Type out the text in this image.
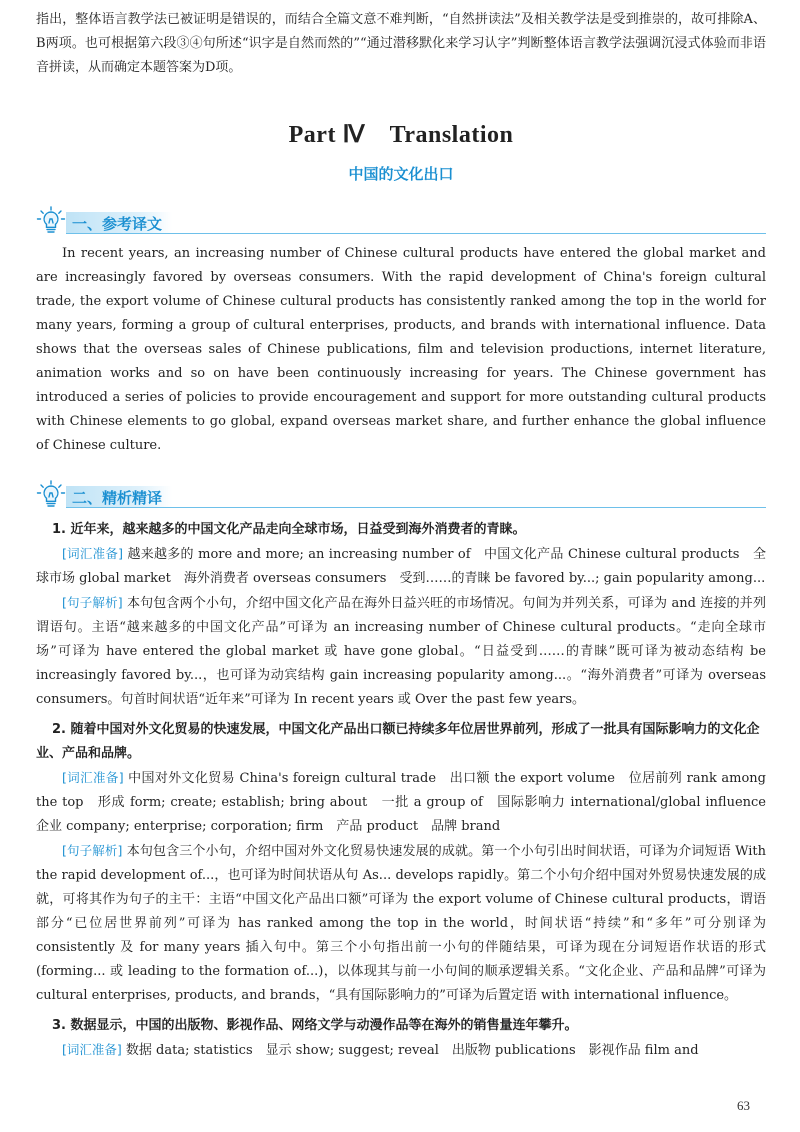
指出，整体语言教学法已被证明是错误的，而结合全篇文意不难判断，“自然拼读法”及相关教学法是受到推崇的，故可排除A、B两项。也可根据第六段③④句所述“识字是自然而然的”“通过潜移默化来学习认字”判断整体语言教学法强调沉浸式体验而非语音拼读，从而确定本题答案为D项。

Part Ⅳ　Translation
中国的文化出口
一、参考译文

In recent years, an increasing number of Chinese cultural products have entered the global market and are increasingly favored by overseas consumers. With the rapid development of China's foreign cultural trade, the export volume of Chinese cultural products has consistently ranked among the top in the world for many years, forming a group of cultural enterprises, products, and brands with international influence. Data shows that the overseas sales of Chinese publications, film and television productions, internet literature, animation works and so on have been continuously increasing for years. The Chinese government has introduced a series of policies to provide encouragement and support for more outstanding cultural products with Chinese elements to go global, expand overseas market share, and further enhance the global influence of Chinese culture.

二、精析精译

1. 近年来，越来越多的中国文化产品走向全球市场，日益受到海外消费者的青睐。

[词汇准备] 越来越多的 more and more; an increasing number of　中国文化产品 Chinese cultural products　全球市场 global market　海外消费者 overseas consumers　受到……的青睐 be favored by...; gain popularity among...

[句子解析] 本句包含两个小句，介绍中国文化产品在海外日益兴旺的市场情况。句间为并列关系，可译为 and 连接的并列谓语句。主语“越来越多的中国文化产品”可译为 an increasing number of Chinese cultural products。“走向全球市场”可译为 have entered the global market 或 have gone global。“日益受到……的青睐”既可译为被动态结构 be increasingly favored by...，也可译为动宾结构 gain increasing popularity among...。“海外消费者”可译为 overseas consumers。句首时间状语“近年来”可译为 In recent years 或 Over the past few years。

2. 随着中国对外文化贸易的快速发展，中国文化产品出口额已持续多年位居世界前列，形成了一批具有国际影响力的文化企业、产品和品牌。

[词汇准备] 中国对外文化贸易 China's foreign cultural trade　出口额 the export volume　位居前列 rank among the top　形成 form; create; establish; bring about　一批 a group of　国际影响力 international/global influence　企业 company; enterprise; corporation; firm　产品 product　品牌 brand

[句子解析] 本句包含三个小句，介绍中国对外文化贸易快速发展的成就。第一个小句引出时间状语，可译为介词短语 With the rapid development of...，也可译为时间状语从句 As... develops rapidly。第二个小句介绍中国对外贸易快速发展的成就，可将其作为句子的主干：主语“中国文化产品出口额”可译为 the export volume of Chinese cultural products，谓语部分“已位居世界前列”可译为 has ranked among the top in the world，时间状语“持续”和“多年”可分别译为 consistently 及 for many years 插入句中。第三个小句指出前一小句的伴随结果，可译为现在分词短语作状语的形式(forming... 或 leading to the formation of...)，以体现其与前一小句间的顺承逻辑关系。“文化企业、产品和品牌”可译为 cultural enterprises, products, and brands，“具有国际影响力的”可译为后置定语 with international influence。

3. 数据显示，中国的出版物、影视作品、网络文学与动漫作品等在海外的销售量连年攀升。

[词汇准备] 数据 data; statistics　显示 show; suggest; reveal　出版物 publications　影视作品 film and

63
